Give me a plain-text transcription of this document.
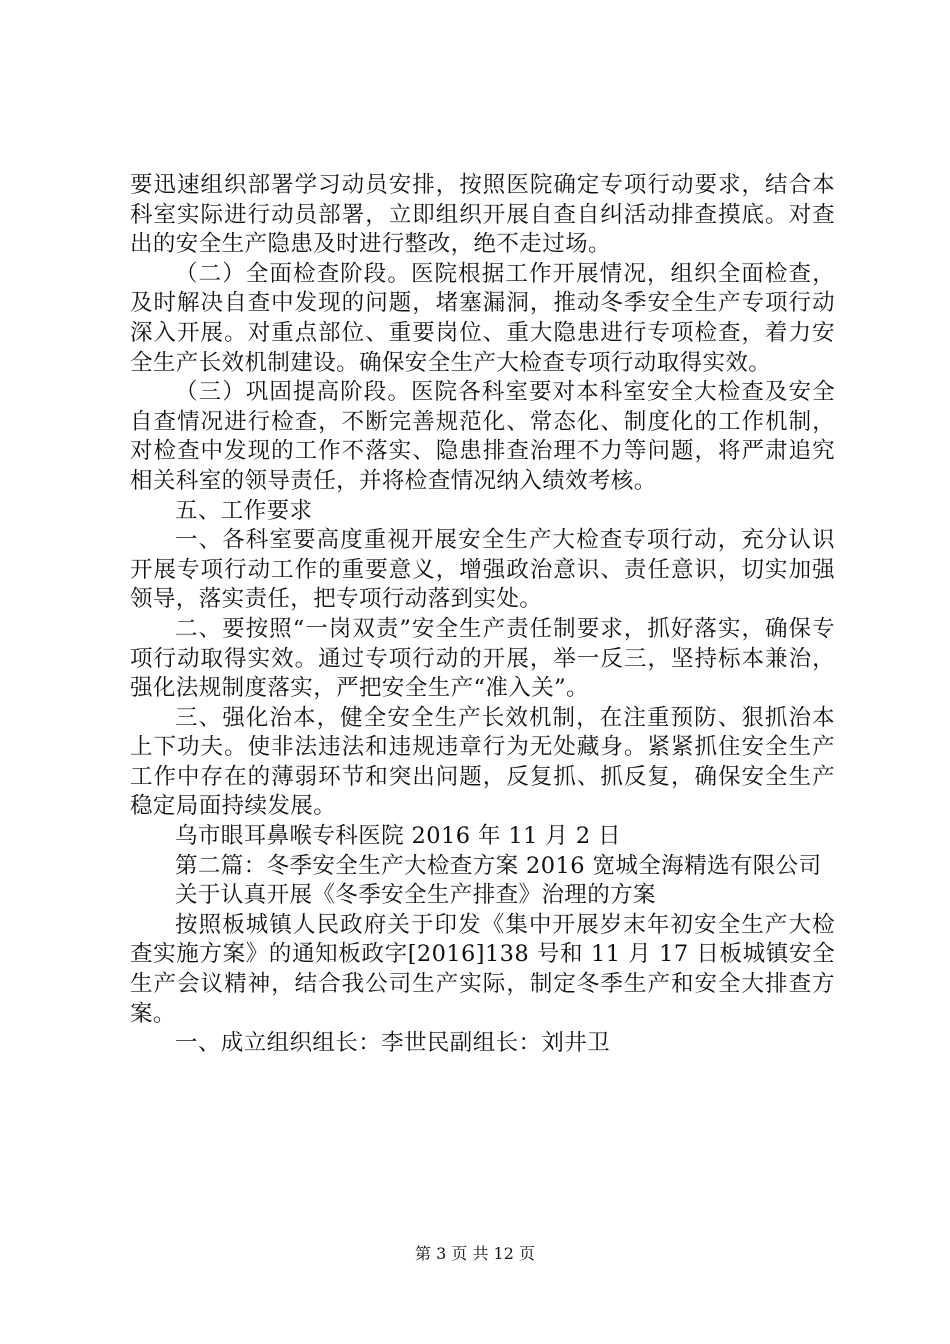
要迅速组织部署学习动员安排，按照医院确定专项行动要求，结合本科室实际进行动员部署，立即组织开展自查自纠活动排查摸底。对查出的安全生产隐患及时进行整改，绝不走过场。

（二）全面检查阶段。医院根据工作开展情况，组织全面检查，及时解决自查中发现的问题，堵塞漏洞，推动冬季安全生产专项行动深入开展。对重点部位、重要岗位、重大隐患进行专项检查，着力安全生产长效机制建设。确保安全生产大检查专项行动取得实效。

（三）巩固提高阶段。医院各科室要对本科室安全大检查及安全自查情况进行检查，不断完善规范化、常态化、制度化的工作机制，对检查中发现的工作不落实、隐患排查治理不力等问题，将严肃追究相关科室的领导责任，并将检查情况纳入绩效考核。

五、工作要求

一、各科室要高度重视开展安全生产大检查专项行动，充分认识开展专项行动工作的重要意义，增强政治意识、责任意识，切实加强领导，落实责任，把专项行动落到实处。

二、要按照“一岗双责”安全生产责任制要求，抓好落实，确保专项行动取得实效。通过专项行动的开展，举一反三，坚持标本兼治，强化法规制度落实，严把安全生产“准入关”。

三、强化治本，健全安全生产长效机制，在注重预防、狠抓治本上下功夫。使非法违法和违规违章行为无处藏身。紧紧抓住安全生产工作中存在的薄弱环节和突出问题，反复抓、抓反复，确保安全生产稳定局面持续发展。

乌市眼耳鼻喉专科医院 2016 年 11 月 2 日

第二篇：冬季安全生产大检查方案 2016 宽城全海精选有限公司

关于认真开展《冬季安全生产排查》治理的方案

按照板城镇人民政府关于印发《集中开展岁末年初安全生产大检查实施方案》的通知板政字[2016]138 号和 11 月 17 日板城镇安全生产会议精神，结合我公司生产实际，制定冬季生产和安全大排查方案。

一、成立组织组长：李世民副组长：刘井卫

第 3 页 共 12 页
